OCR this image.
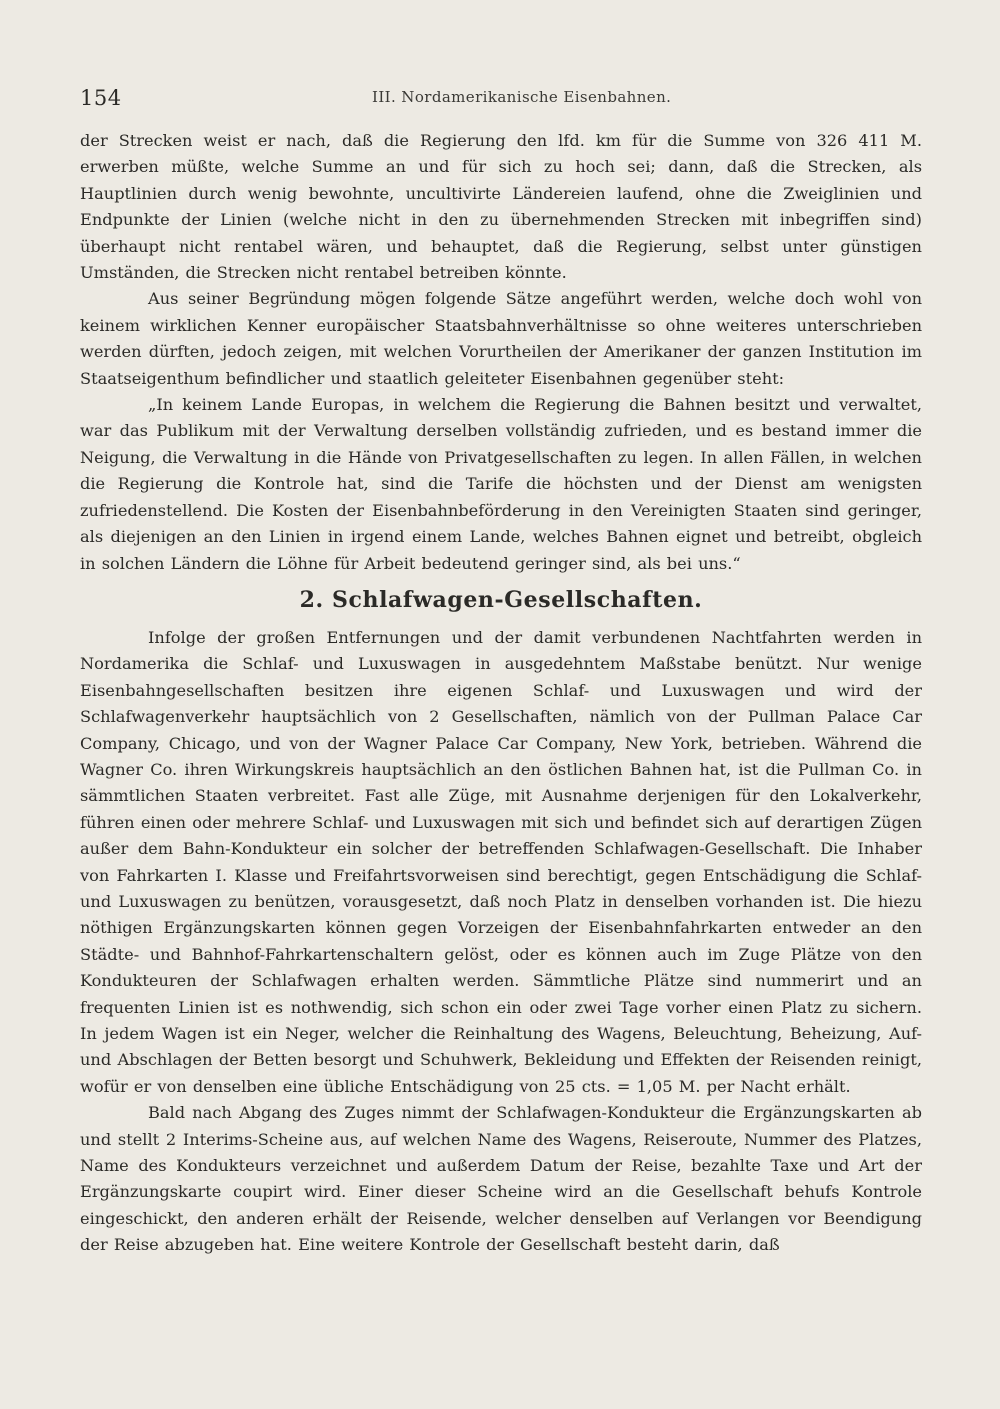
154	III. Nordamerikanische Eisenbahnen.

der Strecken weist er nach, daß die Regierung den lfd. km für die Summe von 326 411 M. erwerben müßte, welche Summe an und für sich zu hoch sei; dann, daß die Strecken, als Hauptlinien durch wenig bewohnte, uncultivirte Ländereien laufend, ohne die Zweiglinien und Endpunkte der Linien (welche nicht in den zu übernehmenden Strecken mit inbegriffen sind) überhaupt nicht rentabel wären, und behauptet, daß die Regierung, selbst unter günstigen Umständen, die Strecken nicht rentabel betreiben könnte.

Aus seiner Begründung mögen folgende Sätze angeführt werden, welche doch wohl von keinem wirklichen Kenner europäischer Staatsbahnverhältnisse so ohne weiteres unterschrieben werden dürften, jedoch zeigen, mit welchen Vorurtheilen der Amerikaner der ganzen Institution im Staatseigenthum befindlicher und staatlich geleiteter Eisenbahnen gegenüber steht:

„In keinem Lande Europas, in welchem die Regierung die Bahnen besitzt und verwaltet, war das Publikum mit der Verwaltung derselben vollständig zufrieden, und es bestand immer die Neigung, die Verwaltung in die Hände von Privatgesellschaften zu legen. In allen Fällen, in welchen die Regierung die Kontrole hat, sind die Tarife die höchsten und der Dienst am wenigsten zufriedenstellend. Die Kosten der Eisenbahnbeförderung in den Vereinigten Staaten sind geringer, als diejenigen an den Linien in irgend einem Lande, welches Bahnen eignet und betreibt, obgleich in solchen Ländern die Löhne für Arbeit bedeutend geringer sind, als bei uns.“

2. Schlafwagen-Gesellschaften.

Infolge der großen Entfernungen und der damit verbundenen Nachtfahrten werden in Nordamerika die Schlaf- und Luxuswagen in ausgedehntem Maßstabe benützt. Nur wenige Eisenbahngesellschaften besitzen ihre eigenen Schlaf- und Luxuswagen und wird der Schlafwagenverkehr hauptsächlich von 2 Gesellschaften, nämlich von der Pullman Palace Car Company, Chicago, und von der Wagner Palace Car Company, New York, betrieben. Während die Wagner Co. ihren Wirkungskreis hauptsächlich an den östlichen Bahnen hat, ist die Pullman Co. in sämmtlichen Staaten verbreitet. Fast alle Züge, mit Ausnahme derjenigen für den Lokalverkehr, führen einen oder mehrere Schlaf- und Luxuswagen mit sich und befindet sich auf derartigen Zügen außer dem Bahn-Kondukteur ein solcher der betreffenden Schlafwagen-Gesellschaft. Die Inhaber von Fahrkarten I. Klasse und Freifahrtsvorweisen sind berechtigt, gegen Entschädigung die Schlaf- und Luxuswagen zu benützen, vorausgesetzt, daß noch Platz in denselben vorhanden ist. Die hiezu nöthigen Ergänzungskarten können gegen Vorzeigen der Eisenbahnfahrkarten entweder an den Städte- und Bahnhof-Fahrkartenschaltern gelöst, oder es können auch im Zuge Plätze von den Kondukteuren der Schlafwagen erhalten werden. Sämmtliche Plätze sind nummerirt und an frequenten Linien ist es nothwendig, sich schon ein oder zwei Tage vorher einen Platz zu sichern. In jedem Wagen ist ein Neger, welcher die Reinhaltung des Wagens, Beleuchtung, Beheizung, Auf- und Abschlagen der Betten besorgt und Schuhwerk, Bekleidung und Effekten der Reisenden reinigt, wofür er von denselben eine übliche Entschädigung von 25 cts. = 1,05 M. per Nacht erhält.

Bald nach Abgang des Zuges nimmt der Schlafwagen-Kondukteur die Ergänzungskarten ab und stellt 2 Interims-Scheine aus, auf welchen Name des Wagens, Reiseroute, Nummer des Platzes, Name des Kondukteurs verzeichnet und außerdem Datum der Reise, bezahlte Taxe und Art der Ergänzungskarte coupirt wird. Einer dieser Scheine wird an die Gesellschaft behufs Kontrole eingeschickt, den anderen erhält der Reisende, welcher denselben auf Verlangen vor Beendigung der Reise abzugeben hat. Eine weitere Kontrole der Gesellschaft besteht darin, daß
